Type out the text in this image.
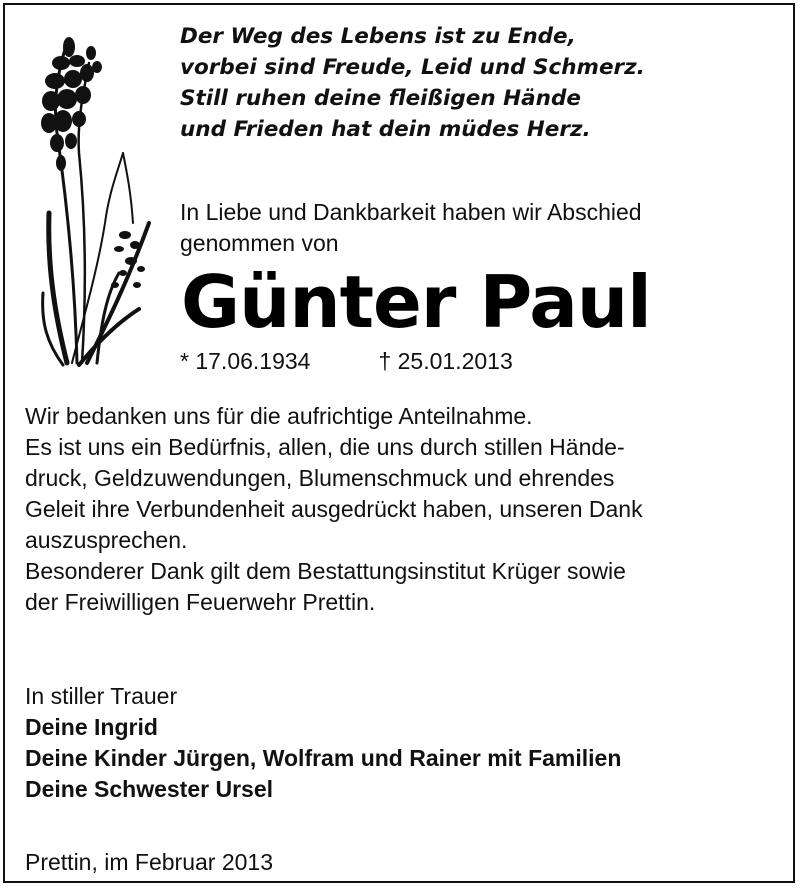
Der Weg des Lebens ist zu Ende,
vorbei sind Freude, Leid und Schmerz.
Still ruhen deine fleißigen Hände
und Frieden hat dein müdes Herz.
In Liebe und Dankbarkeit haben wir Abschied
genommen von
Günter Paul
* 17.06.1934	† 25.01.2013
Wir bedanken uns für die aufrichtige Anteilnahme.
Es ist uns ein Bedürfnis, allen, die uns durch stillen Hände-
druck, Geldzuwendungen, Blumenschmuck und ehrendes
Geleit ihre Verbundenheit ausgedrückt haben, unseren Dank
auszusprechen.
Besonderer Dank gilt dem Bestattungsinstitut Krüger sowie
der Freiwilligen Feuerwehr Prettin.
In stiller Trauer
Deine Ingrid
Deine Kinder Jürgen, Wolfram und Rainer mit Familien
Deine Schwester Ursel
Prettin, im Februar 2013
